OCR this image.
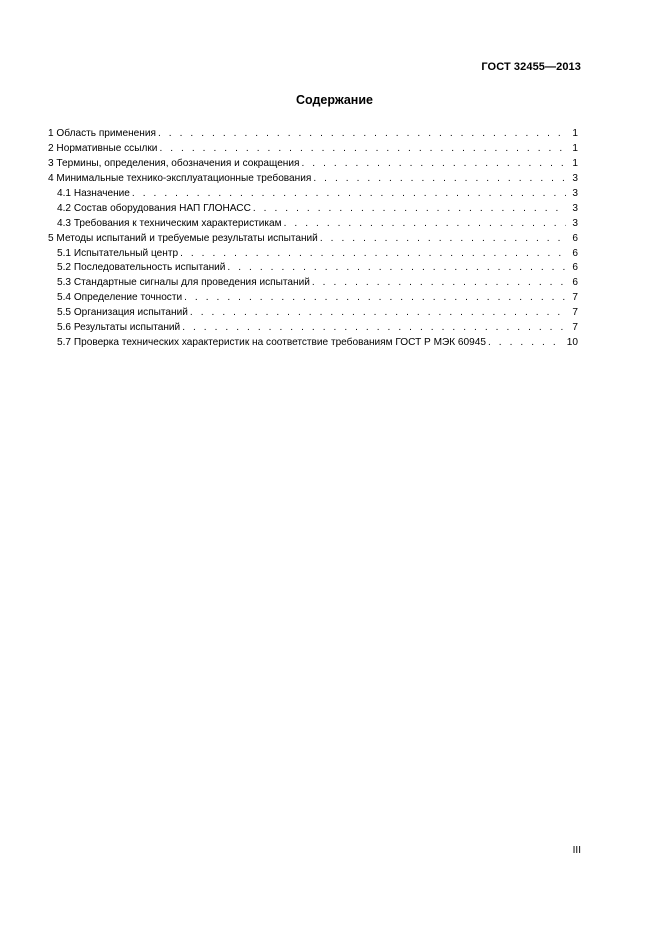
ГОСТ 32455—2013
Содержание
1 Область применения . . .	1
2 Нормативные ссылки . . .	1
3 Термины, определения, обозначения и сокращения . . .	1
4 Минимальные технико-эксплуатационные требования . . .	3
4.1 Назначение . . .	3
4.2 Состав оборудования НАП ГЛОНАСС . . .	3
4.3 Требования к техническим характеристикам . . .	3
5 Методы испытаний и требуемые результаты испытаний . . .	6
5.1 Испытательный центр . . .	6
5.2 Последовательность испытаний . . .	6
5.3 Стандартные сигналы для проведения испытаний . . .	6
5.4 Определение точности . . .	7
5.5 Организация испытаний . . .	7
5.6 Результаты испытаний . . .	7
5.7 Проверка технических характеристик на соответствие требованиям ГОСТ Р МЭК 60945 . . .	10
III
